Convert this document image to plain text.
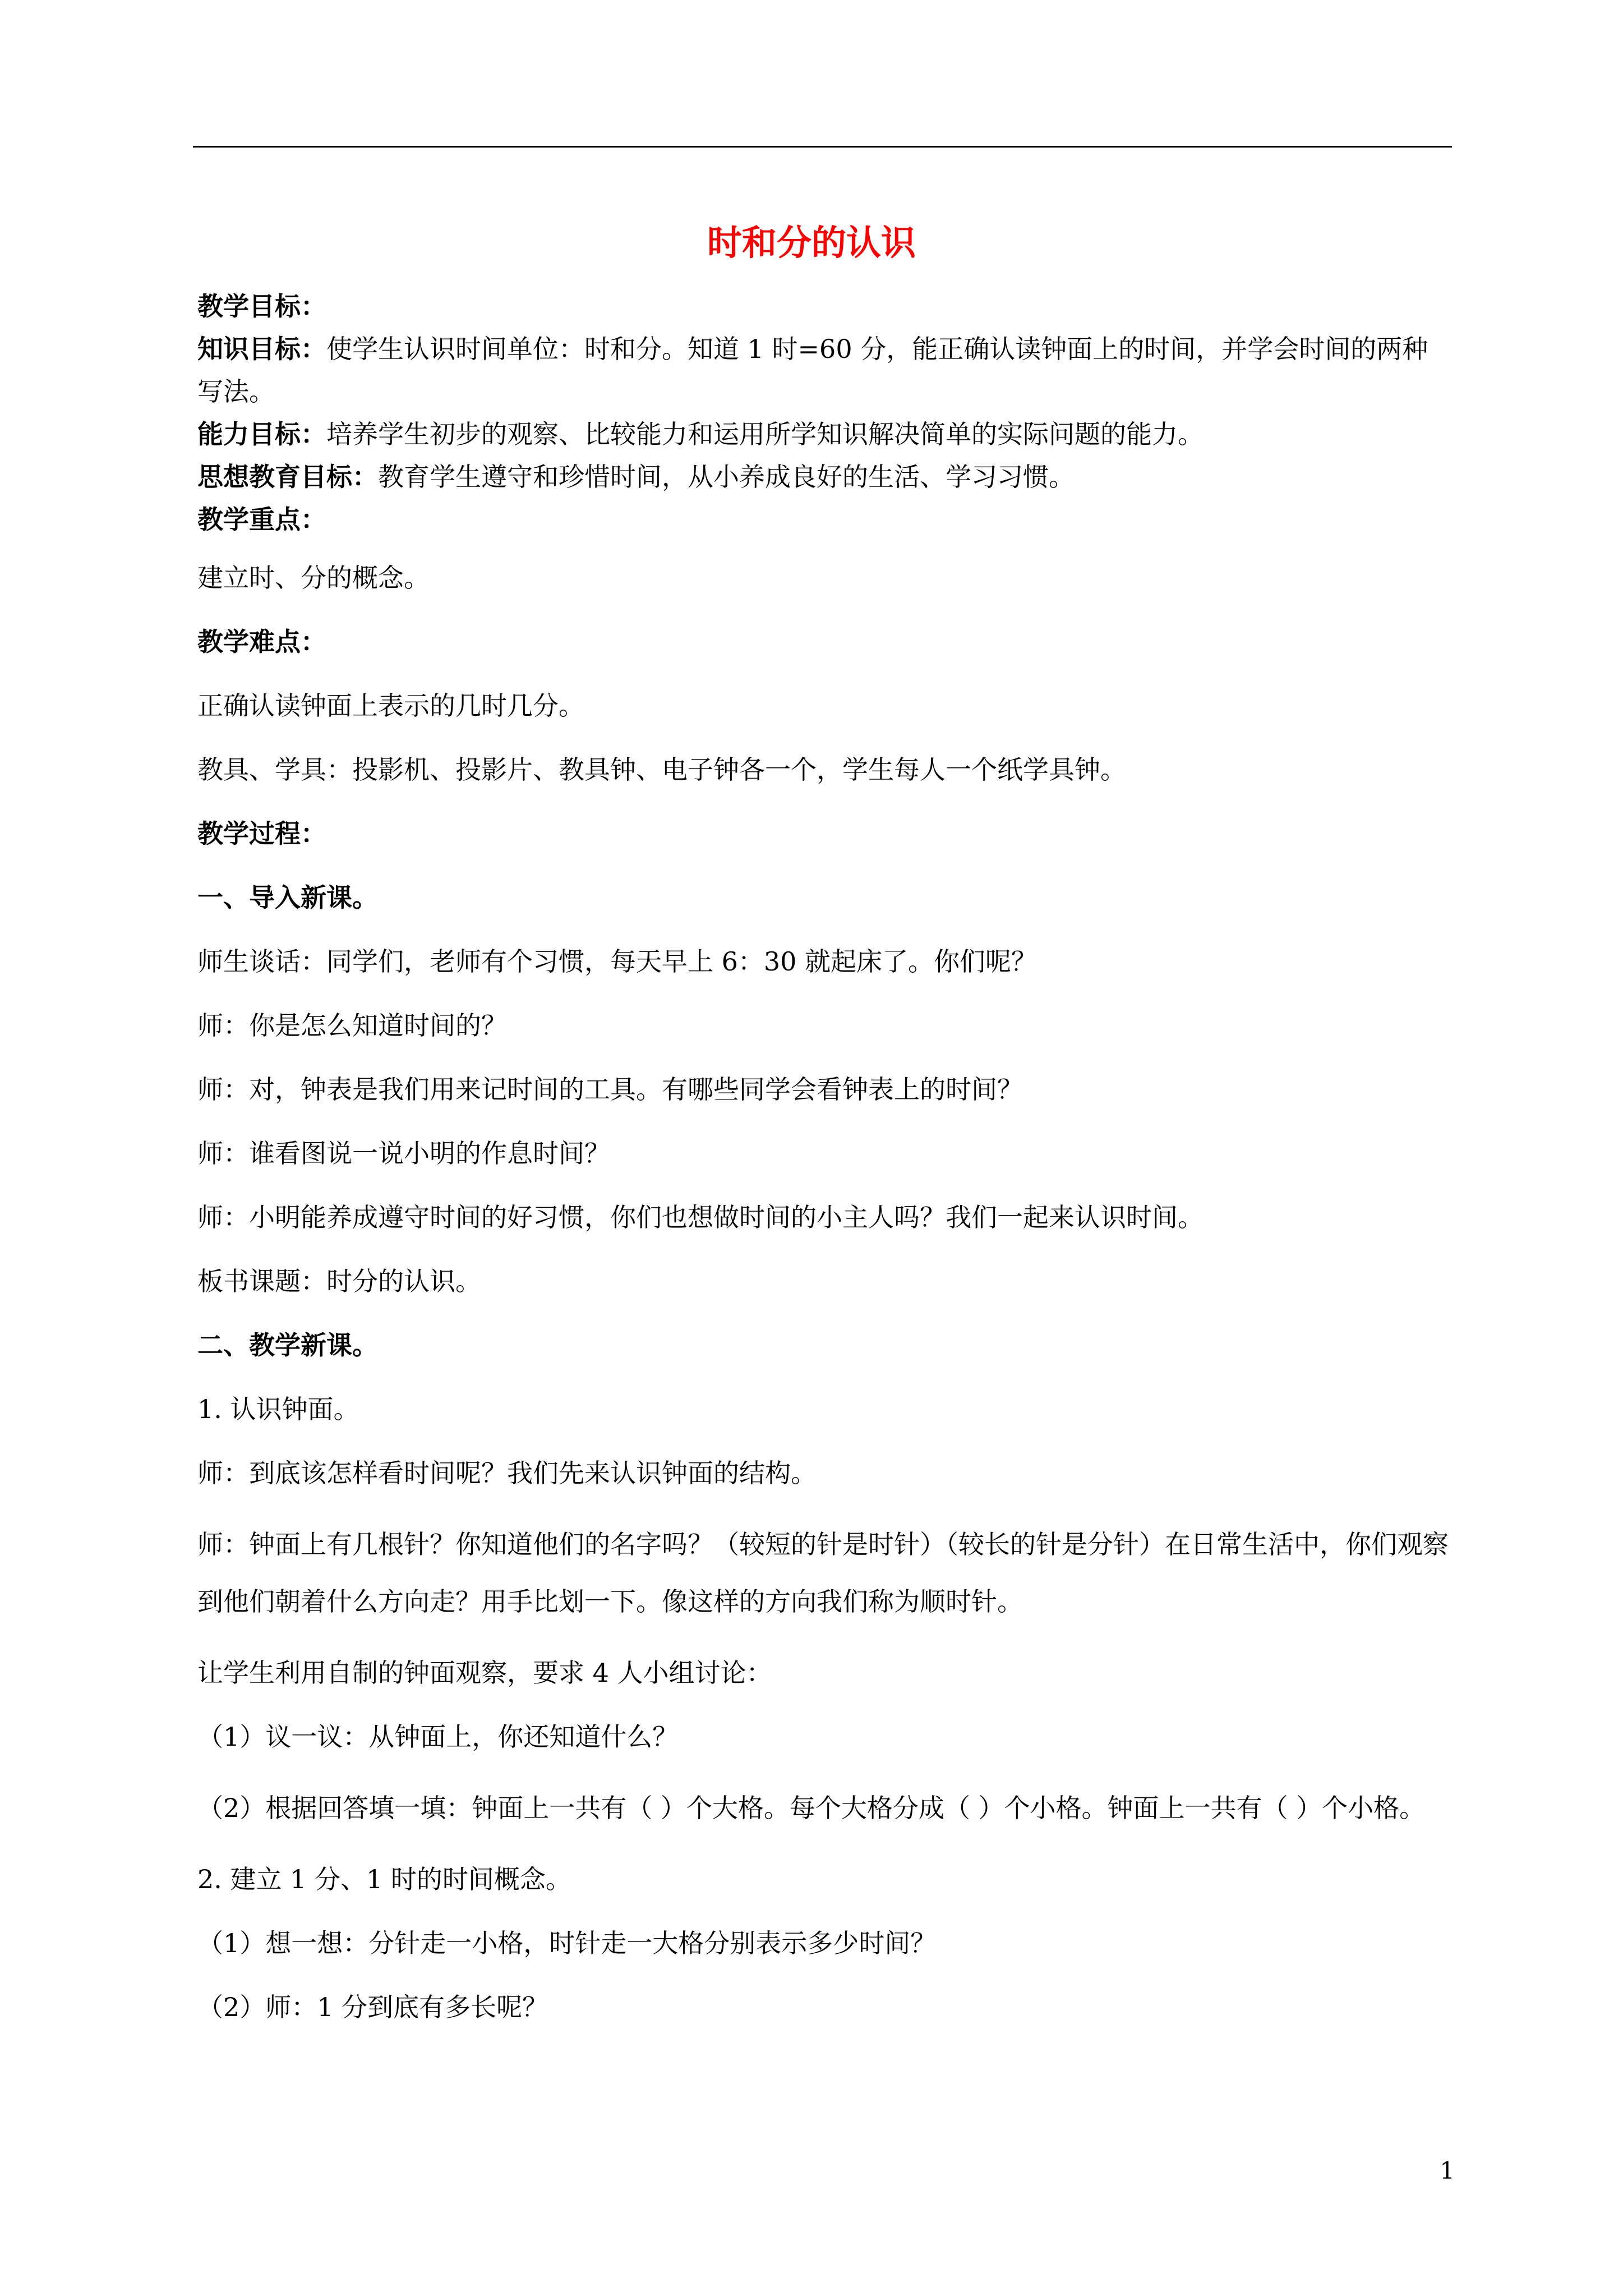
时和分的认识

教学目标：

知识目标：使学生认识时间单位：时和分。知道 1 时=60 分，能正确认读钟面上的时间，并学会时间的两种写法。

能力目标：培养学生初步的观察、比较能力和运用所学知识解决简单的实际问题的能力。

思想教育目标：教育学生遵守和珍惜时间，从小养成良好的生活、学习习惯。

教学重点：

建立时、分的概念。

教学难点：

正确认读钟面上表示的几时几分。

教具、学具：投影机、投影片、教具钟、电子钟各一个，学生每人一个纸学具钟。

教学过程：

一、导入新课。

师生谈话：同学们，老师有个习惯，每天早上 6：30 就起床了。你们呢？

师：你是怎么知道时间的？

师：对，钟表是我们用来记时间的工具。有哪些同学会看钟表上的时间？

师：谁看图说一说小明的作息时间？

师：小明能养成遵守时间的好习惯，你们也想做时间的小主人吗？我们一起来认识时间。

板书课题：时分的认识。

二、教学新课。

1. 认识钟面。

师：到底该怎样看时间呢？我们先来认识钟面的结构。

师：钟面上有几根针？你知道他们的名字吗？（较短的针是时针）（较长的针是分针）在日常生活中，你们观察到他们朝着什么方向走？用手比划一下。像这样的方向我们称为顺时针。

让学生利用自制的钟面观察，要求 4 人小组讨论：

（1）议一议：从钟面上，你还知道什么？

（2）根据回答填一填：钟面上一共有（ ）个大格。每个大格分成（ ）个小格。钟面上一共有（ ）个小格。

2. 建立 1 分、1 时的时间概念。

（1）想一想：分针走一小格，时针走一大格分别表示多少时间？

（2）师：1 分到底有多长呢？

1
